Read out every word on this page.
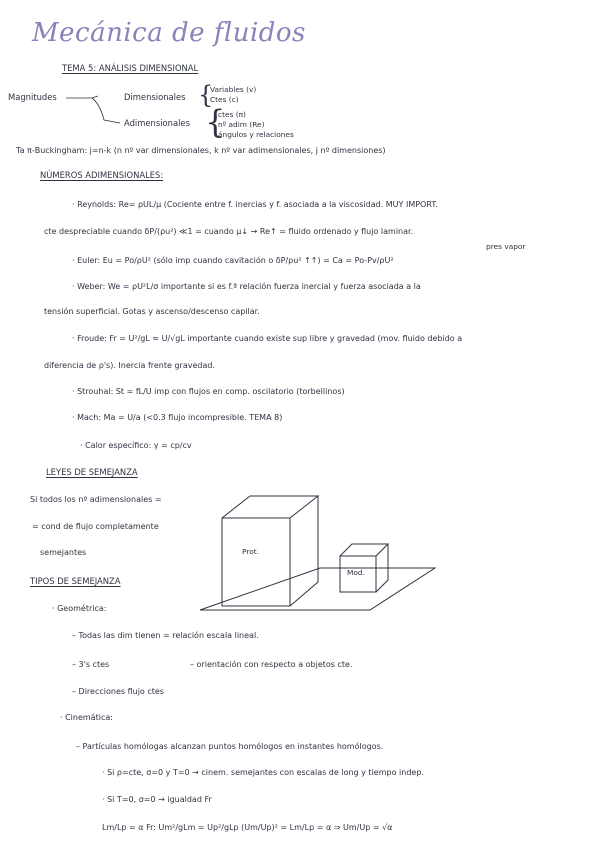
Mecánica de fluidos
TEMA 5: ANÁLISIS DIMENSIONAL
Magnitudes	Dimensionales {
Variables (v)
Ctes (c)
Adimensionales {
ctes (π)
nº adim (Re)
ángulos y relaciones
Ta π-Buckingham: j=n-k (n nº var dimensionales, k nº var adimensionales, j nº dimensiones)
NÚMEROS ADIMENSIONALES:
· Reynolds: Re= ρUL/μ (Cociente entre f. inercias y f. asociada a la viscosidad. MUY IMPORT.
cte despreciable cuando δP/(ρu²) ≪1 = cuando μ↓ → Re↑ = fluido ordenado y flujo laminar.
pres vapor
· Euler: Eu = Po/ρU² (sólo imp cuando cavitación o δP/ρu² ↑↑) = Ca = Po-Pv/ρU²
· Weber: We = ρU²L/σ importante si es f.ª relación fuerza inercial y fuerza asociada a la
tensión superficial. Gotas y ascenso/descenso capilar.
· Froude: Fr = U²/gL ≈ U/√gL importante cuando existe sup libre y gravedad (mov. fluido debido a
diferencia de ρ's). Inercia frente gravedad.
· Strouhal: St = fL/U imp con flujos en comp. oscilatorio (torbellinos)
· Mach: Ma = U/a (<0.3 flujo incompresible. TEMA 8)
· Calor específico: γ = cp/cv
LEYES DE SEMEJANZA
Si todos los nº adimensionales =
= cond de flujo completamente
semejantes	Prot.
Mod.
TIPOS DE SEMEJANZA
· Geométrica:
– Todas las dim tienen = relación escala lineal.
– 3's ctes	– orientación con respecto a objetos cte.
– Direcciones flujo ctes
· Cinemática:
– Partículas homólogas alcanzan puntos homólogos en instantes homólogos.
· Si ρ=cte, σ=0 y T=0 → cinem. semejantes con escalas de long y tiempo indep.
· Si T=0, σ=0 → igualdad Fr
Lm/Lp = α Fr: Um²/gLm = Up²/gLp (Um/Up)² = Lm/Lp = α ⇒ Um/Up = √α
